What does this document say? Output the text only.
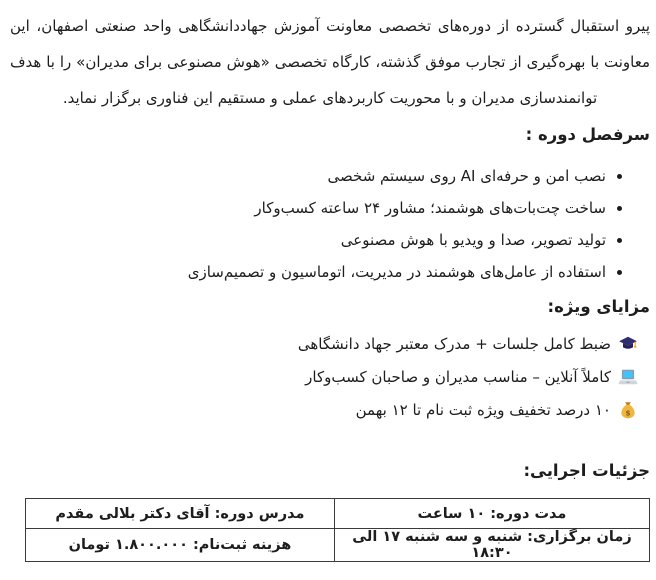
پیرو استقبال گسترده از دوره‌های تخصصی معاونت آموزش جهاددانشگاهی واحد صنعتی اصفهان، این معاونت با بهره‌گیری از تجارب موفق گذشته، کارگاه تخصصی «هوش مصنوعی برای مدیران» را با هدف توانمندسازی مدیران و با محوریت کاربردهای عملی و مستقیم این فناوری برگزار نماید.

سرفصل دوره :
• نصب امن و حرفه‌ای AI روی سیستم شخصی
• ساخت چت‌بات‌های هوشمند؛ مشاور ۲۴ ساعته کسب‌وکار
• تولید تصویر، صدا و ویدیو با هوش مصنوعی
• استفاده از عامل‌های هوشمند در مدیریت، اتوماسیون و تصمیم‌سازی
مزایای ویژه:
ضبط کامل جلسات + مدرک معتبر جهاد دانشگاهی
کاملاً آنلاین – مناسب مدیران و صاحبان کسب‌وکار
$
۱۰ درصد تخفیف ویژه ثبت نام تا ۱۲ بهمن
جزئیات اجرایی:
مدت دوره: ۱۰ ساعت	مدرس دوره: آقای دکتر بلالی مقدم
زمان برگزاری: شنبه و سه شنبه ۱۷ الی ۱۸:۳۰	هزینه ثبت‌نام: ۱.۸۰۰.۰۰۰ تومان
